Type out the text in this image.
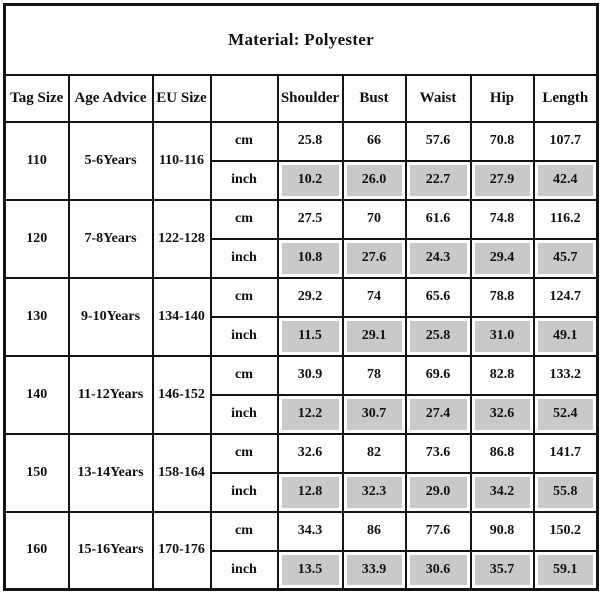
Material: Polyester								
Tag Size	Age Advice	EU Size		Shoulder	Bust	Waist	Hip	Length
110	5-6Years	110-116	cm	25.8	66	57.6	70.8	107.7
			inch	10.2	26.0	22.7	27.9	42.4
120	7-8Years	122-128	cm	27.5	70	61.6	74.8	116.2
			inch	10.8	27.6	24.3	29.4	45.7
130	9-10Years	134-140	cm	29.2	74	65.6	78.8	124.7
			inch	11.5	29.1	25.8	31.0	49.1
140	11-12Years	146-152	cm	30.9	78	69.6	82.8	133.2
			inch	12.2	30.7	27.4	32.6	52.4
150	13-14Years	158-164	cm	32.6	82	73.6	86.8	141.7
			inch	12.8	32.3	29.0	34.2	55.8
160	15-16Years	170-176	cm	34.3	86	77.6	90.8	150.2
			inch	13.5	33.9	30.6	35.7	59.1
